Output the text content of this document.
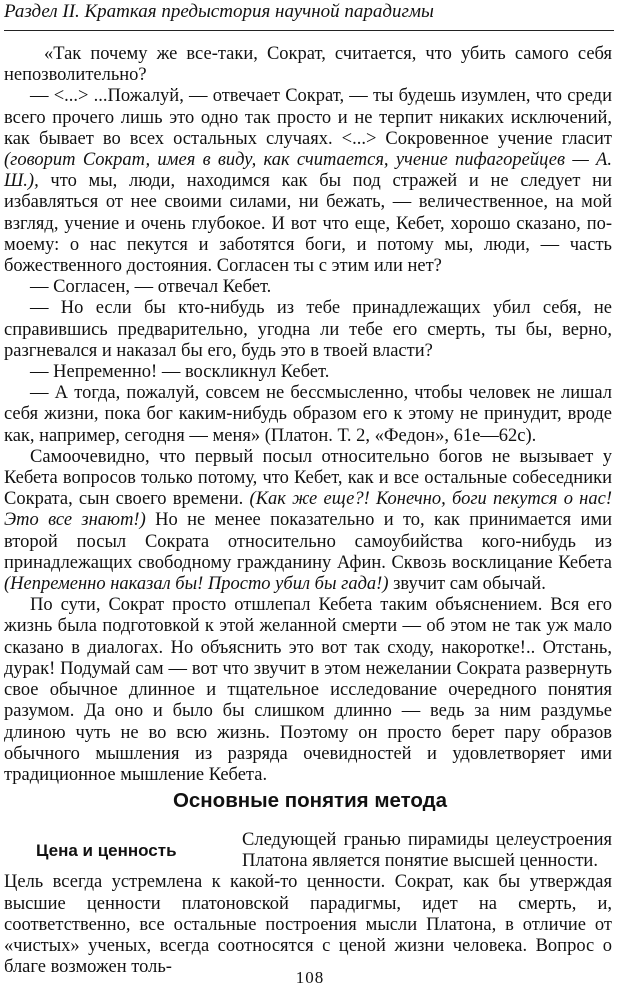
Раздел II. Краткая предыстория научной парадигмы

«Так почему же все-таки, Сократ, считается, что убить самого себя непозволительно?

— <...> ...Пожалуй, — отвечает Сократ, — ты будешь изумлен, что среди всего прочего лишь это одно так просто и не терпит никаких исключений, как бывает во всех остальных случаях. <...> Сокровенное учение гласит (говорит Сократ, имея в виду, как считается, учение пифагорейцев — А. Ш.), что мы, люди, находимся как бы под стражей и не следует ни избавляться от нее своими силами, ни бежать, — величественное, на мой взгляд, учение и очень глубокое. И вот что еще, Кебет, хорошо сказано, по-моему: о нас пекутся и заботятся боги, и потому мы, люди, — часть божественного достояния. Согласен ты с этим или нет?

— Согласен, — отвечал Кебет.

— Но если бы кто-нибудь из тебе принадлежащих убил себя, не справившись предварительно, угодна ли тебе его смерть, ты бы, верно, разгневался и наказал бы его, будь это в твоей власти?

— Непременно! — воскликнул Кебет.

— А тогда, пожалуй, совсем не бессмысленно, чтобы человек не лишал себя жизни, пока бог каким-нибудь образом его к этому не принудит, вроде как, например, сегодня — меня» (Платон. Т. 2, «Федон», 61е—62с).

Самоочевидно, что первый посыл относительно богов не вызывает у Кебета вопросов только потому, что Кебет, как и все остальные собеседники Сократа, сын своего времени. (Как же еще?! Конечно, боги пекутся о нас! Это все знают!) Но не менее показательно и то, как принимается ими второй посыл Сократа относительно самоубийства кого-нибудь из принадлежащих свободному гражданину Афин. Сквозь восклицание Кебета (Непременно наказал бы! Просто убил бы гада!) звучит сам обычай.

По сути, Сократ просто отшлепал Кебета таким объяснением. Вся его жизнь была подготовкой к этой желанной смерти — об этом не так уж мало сказано в диалогах. Но объяснить это вот так сходу, накоротке!.. Отстань, дурак! Подумай сам — вот что звучит в этом нежелании Сократа развернуть свое обычное длинное и тщательное исследование очередного понятия разумом. Да оно и было бы слишком длинно — ведь за ним раздумье длиною чуть не во всю жизнь. Поэтому он просто берет пару образов обычного мышления из разряда очевидностей и удовлетворяет ими традиционное мышление Кебета.

Основные понятия метода
Цена и ценность
Следующей гранью пирамиды целеустроения Платона является понятие высшей ценности.
Цель всегда устремлена к какой-то ценности. Сократ, как бы утверждая высшие ценности платоновской парадигмы, идет на смерть, и, соответственно, все остальные построения мысли Платона, в отличие от «чистых» ученых, всегда соотносятся с ценой жизни человека. Вопрос о благе возможен толь-
108
